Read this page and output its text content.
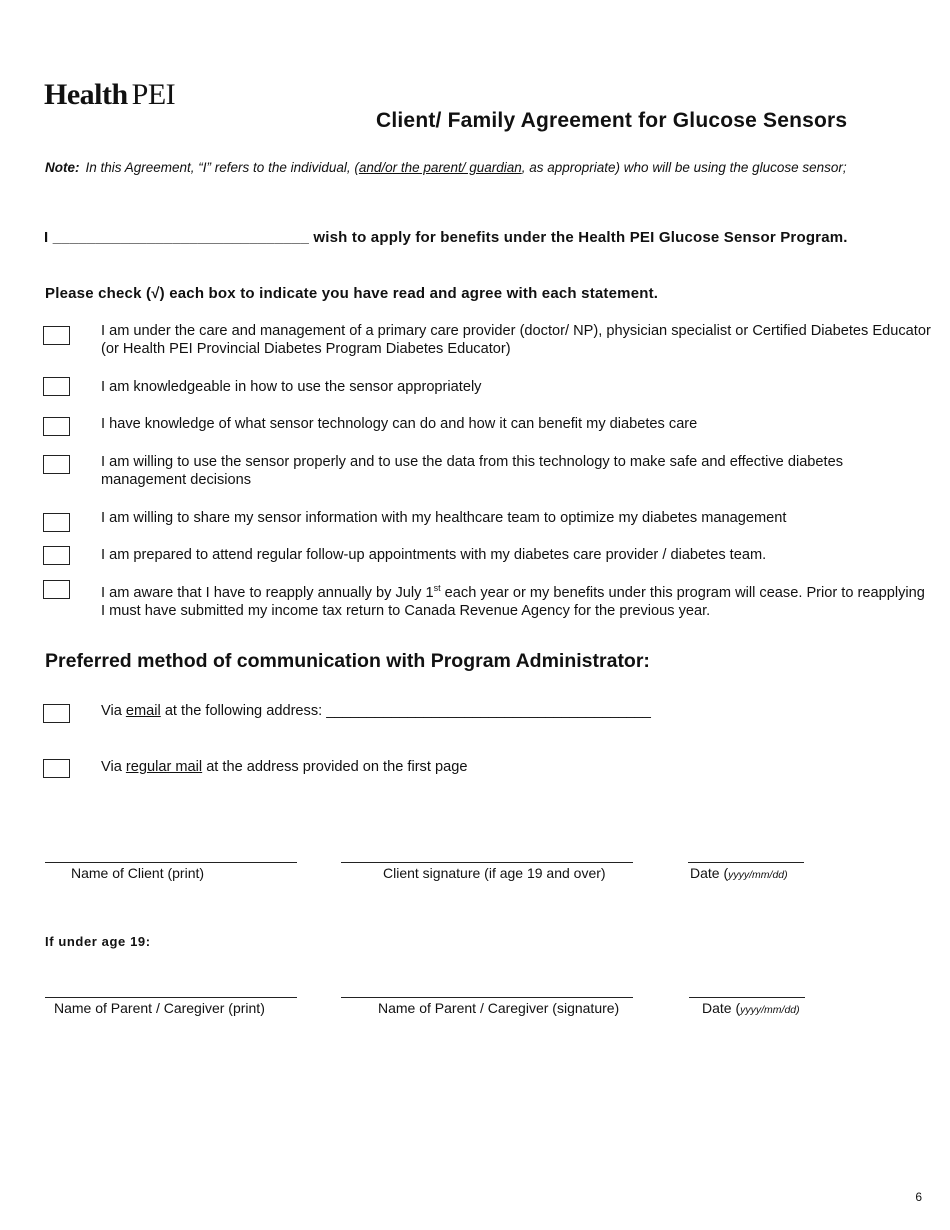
Health PEI
Client/ Family Agreement for Glucose Sensors
Note: In this Agreement, “I” refers to the individual, (and/or the parent/ guardian, as appropriate) who will be using the glucose sensor;
I ______________________________ wish to apply for benefits under the Health PEI Glucose Sensor Program.
Please check (√) each box to indicate you have read and agree with each statement.
I am under the care and management of a primary care provider (doctor/ NP), physician specialist or Certified Diabetes Educator (or Health PEI Provincial Diabetes Program Diabetes Educator)
I am knowledgeable in how to use the sensor appropriately
I have knowledge of what sensor technology can do and how it can benefit my diabetes care
I am willing to use the sensor properly and to use the data from this technology to make safe and effective diabetes management decisions
I am willing to share my sensor information with my healthcare team to optimize my diabetes management
I am prepared to attend regular follow-up appointments with my diabetes care provider / diabetes team.
I am aware that I have to reapply annually by July 1st each year or my benefits under this program will cease. Prior to reapplying I must have submitted my income tax return to Canada Revenue Agency for the previous year.
Preferred method of communication with Program Administrator:
Via email at the following address: ________________________________________
Via regular mail at the address provided on the first page
Name of Client (print)	Client signature (if age 19 and over)	Date (yyyy/mm/dd)
If under age 19:
Name of Parent / Caregiver (print)	Name of Parent / Caregiver (signature)	Date (yyyy/mm/dd)
6
